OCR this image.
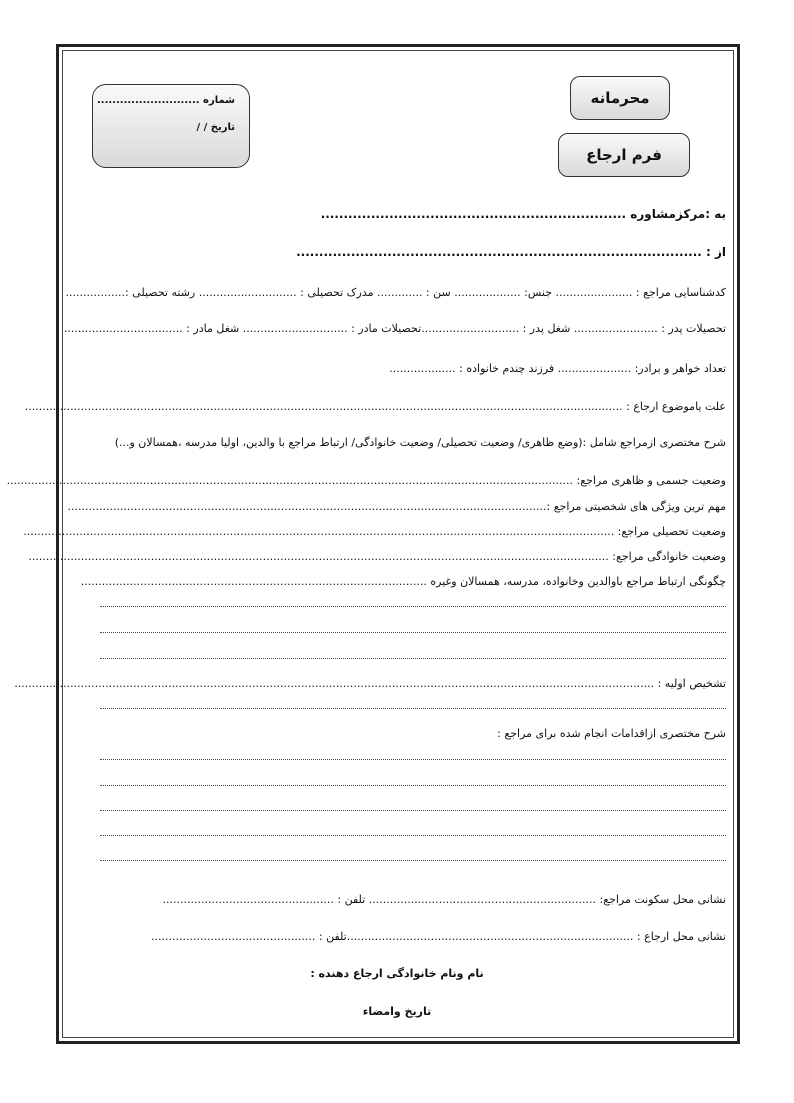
محرمانه
فرم ارجاع
شماره ...........................
تاریخ / /
به :مرکزمشاوره ...................................................................
از : .........................................................................................
کدشناسایی مراجع : ...................... جنس: ................... سن : ............. مدرک تحصیلی : ............................ رشته تحصیلی :.................
تحصیلات پدر : ........................ شغل پدر : ............................تحصیلات مادر : .............................. شغل مادر : ..................................
تعداد خواهر و برادر: ..................... فرزند چندم خانواده : ...................
علت یاموضوع ارجاع : ...........................................................................................................................................................................
شرح مختصری ازمراجع شامل :(وضع ظاهری/ وضعیت تحصیلی/ وضعیت خانوادگی/ ارتباط مراجع با والدین، اولیا مدرسه ،همسالان و...)
وضعیت جسمی و ظاهری مراجع: ..................................................................................................................................................................
مهم ترین ویژگی های شخصیتی مراجع :.........................................................................................................................................
وضعیت تحصیلی مراجع: .........................................................................................................................................................................
وضعیت خانوادگی مراجع: ......................................................................................................................................................................
چگونگی ارتباط مراجع باوالدین وخانواده، مدرسه، همسالان وغیره ...................................................................................................
تشخیص اولیه : .......................................................................................................................................................................................
شرح مختصری ازاقدامات انجام شده برای مراجع :
نشانی محل سکونت مراجع: ................................................................. تلفن : .................................................
نشانی محل ارجاع : ..................................................................................تلفن : ...............................................
نام ونام خانوادگی ارجاع دهنده :
تاریخ وامضاء
